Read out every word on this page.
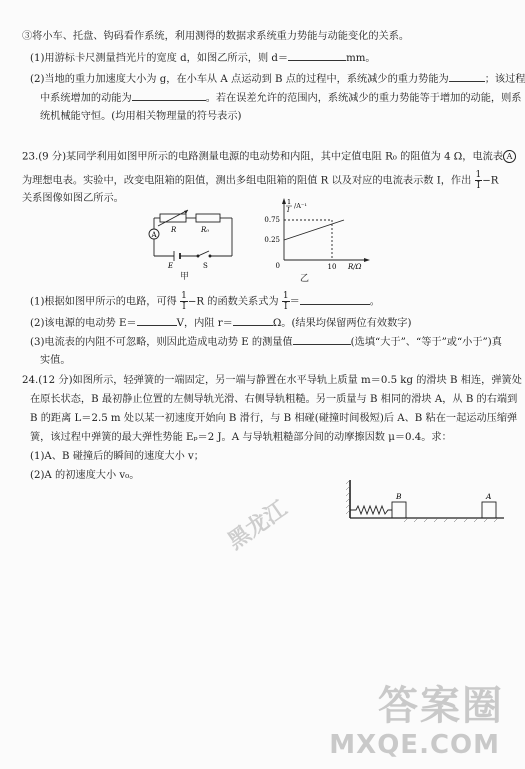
③将小车、托盘、钩码看作系统，利用测得的数据求系统重力势能与动能变化的关系。
(1)用游标卡尺测量挡光片的宽度 d，如图乙所示，则 d＝	mm。
(2)当地的重力加速度大小为 g，在小车从 A 点运动到 B 点的过程中，系统减少的重力势能为	；该过程
中系统增加的动能为	。若在误差允许的范围内，系统减少的重力势能等于增加的动能，则系
统机械能守恒。(均用相关物理量的符号表示)
23.(9 分)某同学利用如图甲所示的电路测量电源的电动势和内阻，其中定值电阻 R₀ 的阻值为 4 Ω，电流表 A
为理想电表。实验中，改变电阻箱的阻值，测出多组电阻箱的阻值 R 以及对应的电流表示数 I，作出 $\frac{1}{I} -R$
关系图像如图乙所示。
A
R	R₀
E	S
甲
1
I /A⁻¹
0.75
0.25
0	10 R/Ω
乙
(1)根据如图甲所示的电路，可得 $\frac{1}{I} -R$ 的函数关系式为 $\frac{1}{I}$ ＝	。
(2)该电源的电动势 E＝	V，内阻 r＝	Ω。(结果均保留两位有效数字)
(3)电流表的内阻不可忽略，则因此造成电动势 E 的测量值	(选填“大于”、“等于”或“小于”)真
实值。
24.(12 分)如图所示，轻弹簧的一端固定，另一端与静置在水平导轨上质量 m＝0.5 kg 的滑块 B 相连，弹簧处
在原长状态，B 最初静止位置的左侧导轨光滑、右侧导轨粗糙。另一质量与 B 相同的滑块 A，从 B 的右端到
B 的距离 L＝2.5 m 处以某一初速度开始向 B 滑行，与 B 相碰(碰撞时间极短)后 A、B 粘在一起运动压缩弹
簧，该过程中弹簧的最大弹性势能 Eₚ＝2 J。A 与导轨粗糙部分间的动摩擦因数 μ＝0.4。求：
(1)A、B 碰撞后的瞬间的速度大小 v；
(2)A 的初速度大小 v₀。
B	A
黑龙江
答案圈
MXQE.COM
